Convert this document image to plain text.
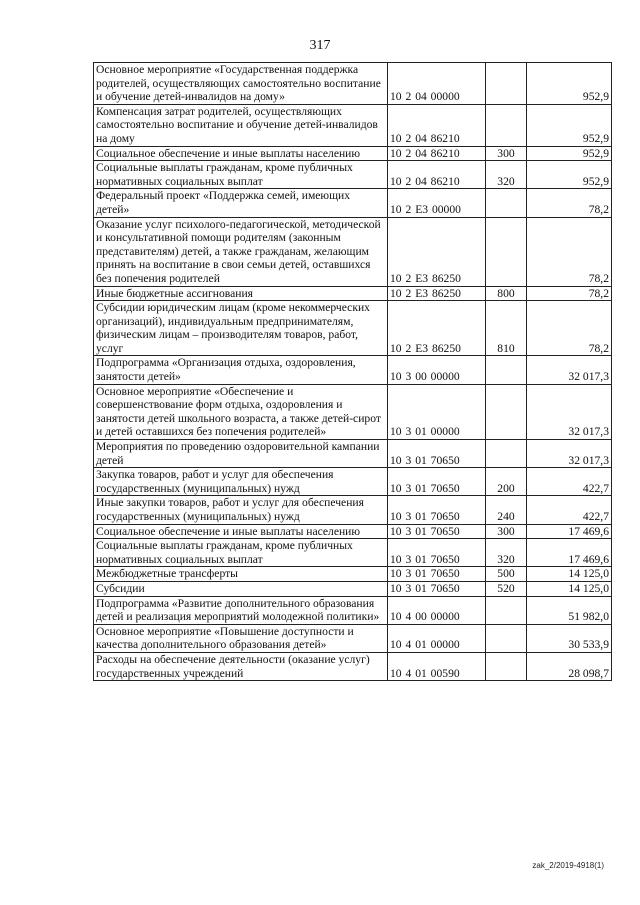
317
Основное мероприятие «Государственная поддержка родителей, осуществляющих самостоятельно воспитание и обучение детей-инвалидов на дому»	10 2 04 00000		952,9
Компенсация затрат родителей, осуществляющих самостоятельно воспитание и обучение детей-инвалидов на дому	10 2 04 86210		952,9
Социальное обеспечение и иные выплаты населению	10 2 04 86210	300	952,9
Социальные выплаты гражданам, кроме публичных нормативных социальных выплат	10 2 04 86210	320	952,9
Федеральный проект «Поддержка семей, имеющих детей»	10 2 E3 00000		78,2
Оказание услуг психолого-педагогической, методической и консультативной помощи родителям (законным представителям) детей, а также гражданам, желающим принять на воспитание в свои семьи детей, оставшихся без попечения родителей	10 2 E3 86250		78,2
Иные бюджетные ассигнования	10 2 E3 86250	800	78,2
Субсидии юридическим лицам (кроме некоммерческих организаций), индивидуальным предпринимателям, физическим лицам – производителям товаров, работ, услуг	10 2 E3 86250	810	78,2
Подпрограмма «Организация отдыха, оздоровления, занятости детей»	10 3 00 00000		32 017,3
Основное мероприятие «Обеспечение и совершенствование форм отдыха, оздоровления и занятости детей школьного возраста, а также детей-сирот и детей оставшихся без попечения родителей»	10 3 01 00000		32 017,3
Мероприятия по проведению оздоровительной кампании детей	10 3 01 70650		32 017,3
Закупка товаров, работ и услуг для обеспечения государственных (муниципальных) нужд	10 3 01 70650	200	422,7
Иные закупки товаров, работ и услуг для обеспечения государственных (муниципальных) нужд	10 3 01 70650	240	422,7
Социальное обеспечение и иные выплаты населению	10 3 01 70650	300	17 469,6
Социальные выплаты гражданам, кроме публичных нормативных социальных выплат	10 3 01 70650	320	17 469,6
Межбюджетные трансферты	10 3 01 70650	500	14 125,0
Субсидии	10 3 01 70650	520	14 125,0
Подпрограмма «Развитие дополнительного образования детей и реализация мероприятий молодежной политики»	10 4 00 00000		51 982,0
Основное мероприятие «Повышение доступности и качества дополнительного образования детей»	10 4 01 00000		30 533,9
Расходы на обеспечение деятельности (оказание услуг) государственных учреждений	10 4 01 00590		28 098,7
zak_2/2019-4918(1)
